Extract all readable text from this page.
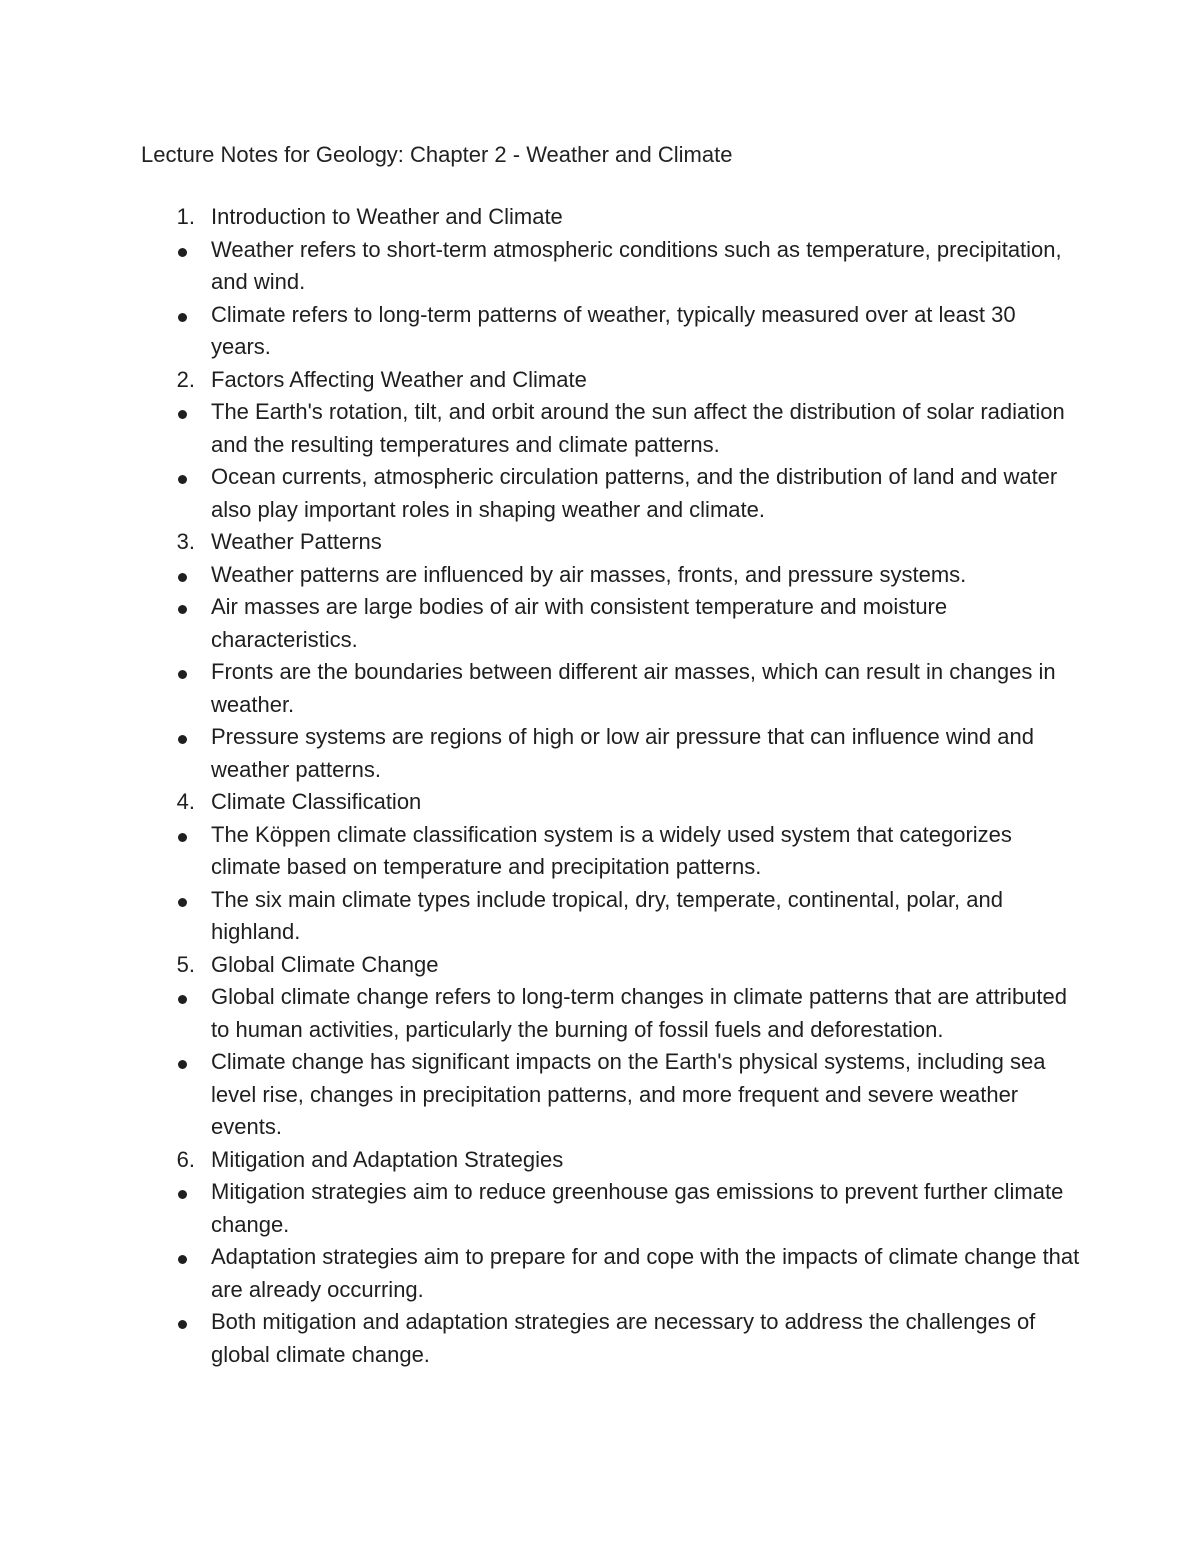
Lecture Notes for Geology: Chapter 2 - Weather and Climate
1. Introduction to Weather and Climate
Weather refers to short-term atmospheric conditions such as temperature, precipitation, and wind.
Climate refers to long-term patterns of weather, typically measured over at least 30 years.
2. Factors Affecting Weather and Climate
The Earth's rotation, tilt, and orbit around the sun affect the distribution of solar radiation and the resulting temperatures and climate patterns.
Ocean currents, atmospheric circulation patterns, and the distribution of land and water also play important roles in shaping weather and climate.
3. Weather Patterns
Weather patterns are influenced by air masses, fronts, and pressure systems.
Air masses are large bodies of air with consistent temperature and moisture characteristics.
Fronts are the boundaries between different air masses, which can result in changes in weather.
Pressure systems are regions of high or low air pressure that can influence wind and weather patterns.
4. Climate Classification
The Köppen climate classification system is a widely used system that categorizes climate based on temperature and precipitation patterns.
The six main climate types include tropical, dry, temperate, continental, polar, and highland.
5. Global Climate Change
Global climate change refers to long-term changes in climate patterns that are attributed to human activities, particularly the burning of fossil fuels and deforestation.
Climate change has significant impacts on the Earth's physical systems, including sea level rise, changes in precipitation patterns, and more frequent and severe weather events.
6. Mitigation and Adaptation Strategies
Mitigation strategies aim to reduce greenhouse gas emissions to prevent further climate change.
Adaptation strategies aim to prepare for and cope with the impacts of climate change that are already occurring.
Both mitigation and adaptation strategies are necessary to address the challenges of global climate change.
